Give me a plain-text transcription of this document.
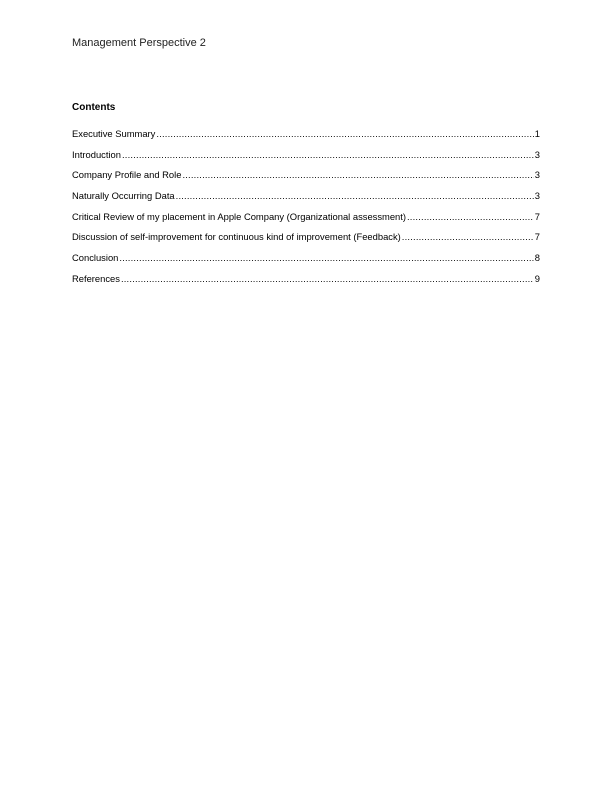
Management Perspective 2
Contents
Executive Summary .....	1
Introduction .....	3
Company Profile and Role .....	3
Naturally Occurring Data .....	3
Critical Review of my placement in Apple Company (Organizational assessment) .....	7
Discussion of self-improvement for continuous kind of improvement (Feedback) .....	7
Conclusion .....	8
References .....	9
